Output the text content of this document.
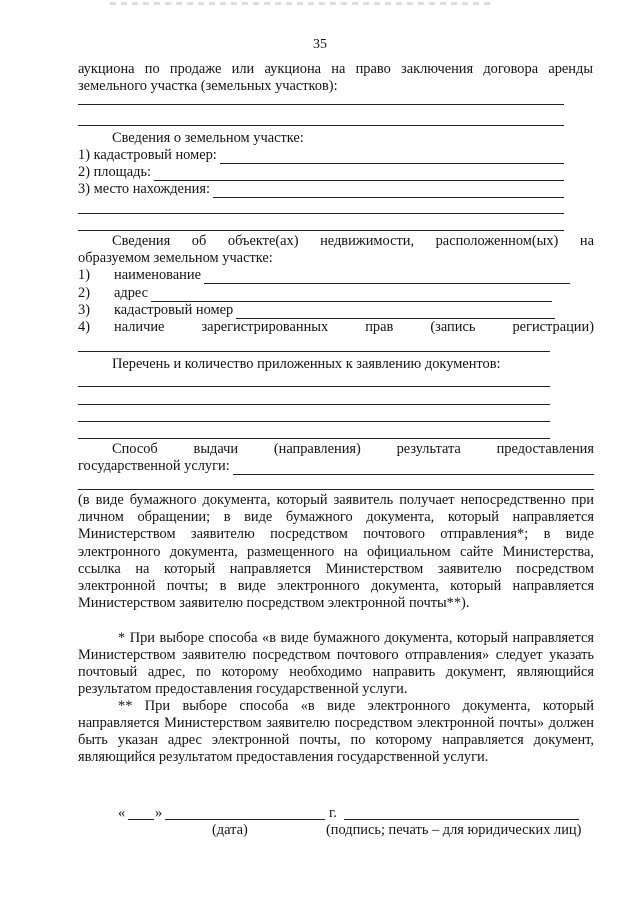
35
аукциона по продаже или аукциона на право заключения договора аренды
земельного участка (земельных участков):
Сведения о земельном участке:
1) кадастровый номер:
2) площадь:
3) место нахождения:
Сведения об объекте(ах) недвижимости, расположенном(ых) на
образуемом земельном участке:
1)	наименование
2)	адрес
3)	кадастровый номер
4)	наличие	зарегистрированных	прав	(запись	регистрации)
Перечень и количество приложенных к заявлению документов:
Способ выдачи (направления) результата предоставления
государственной услуги:

(в виде бумажного документа, который заявитель получает непосредственно при личном обращении; в виде бумажного документа, который направляется Министерством заявителю посредством почтового отправления*; в виде электронного документа, размещенного на официальном сайте Министерства, ссылка на который направляется Министерством заявителю посредством электронной почты; в виде электронного документа, который направляется Министерством заявителю посредством электронной почты**).

* При выборе способа «в виде бумажного документа, который направляется Министерством заявителю посредством почтового отправления» следует указать почтовый адрес, по которому необходимо направить документ, являющийся результатом предоставления государственной услуги.

** При выборе способа «в виде электронного документа, который направляется Министерством заявителю посредством электронной почты» должен быть указан адрес электронной почты, по которому направляется документ, являющийся результатом предоставления государственной услуги.

« »	г.
(дата)	(подпись; печать – для юридических лиц)
